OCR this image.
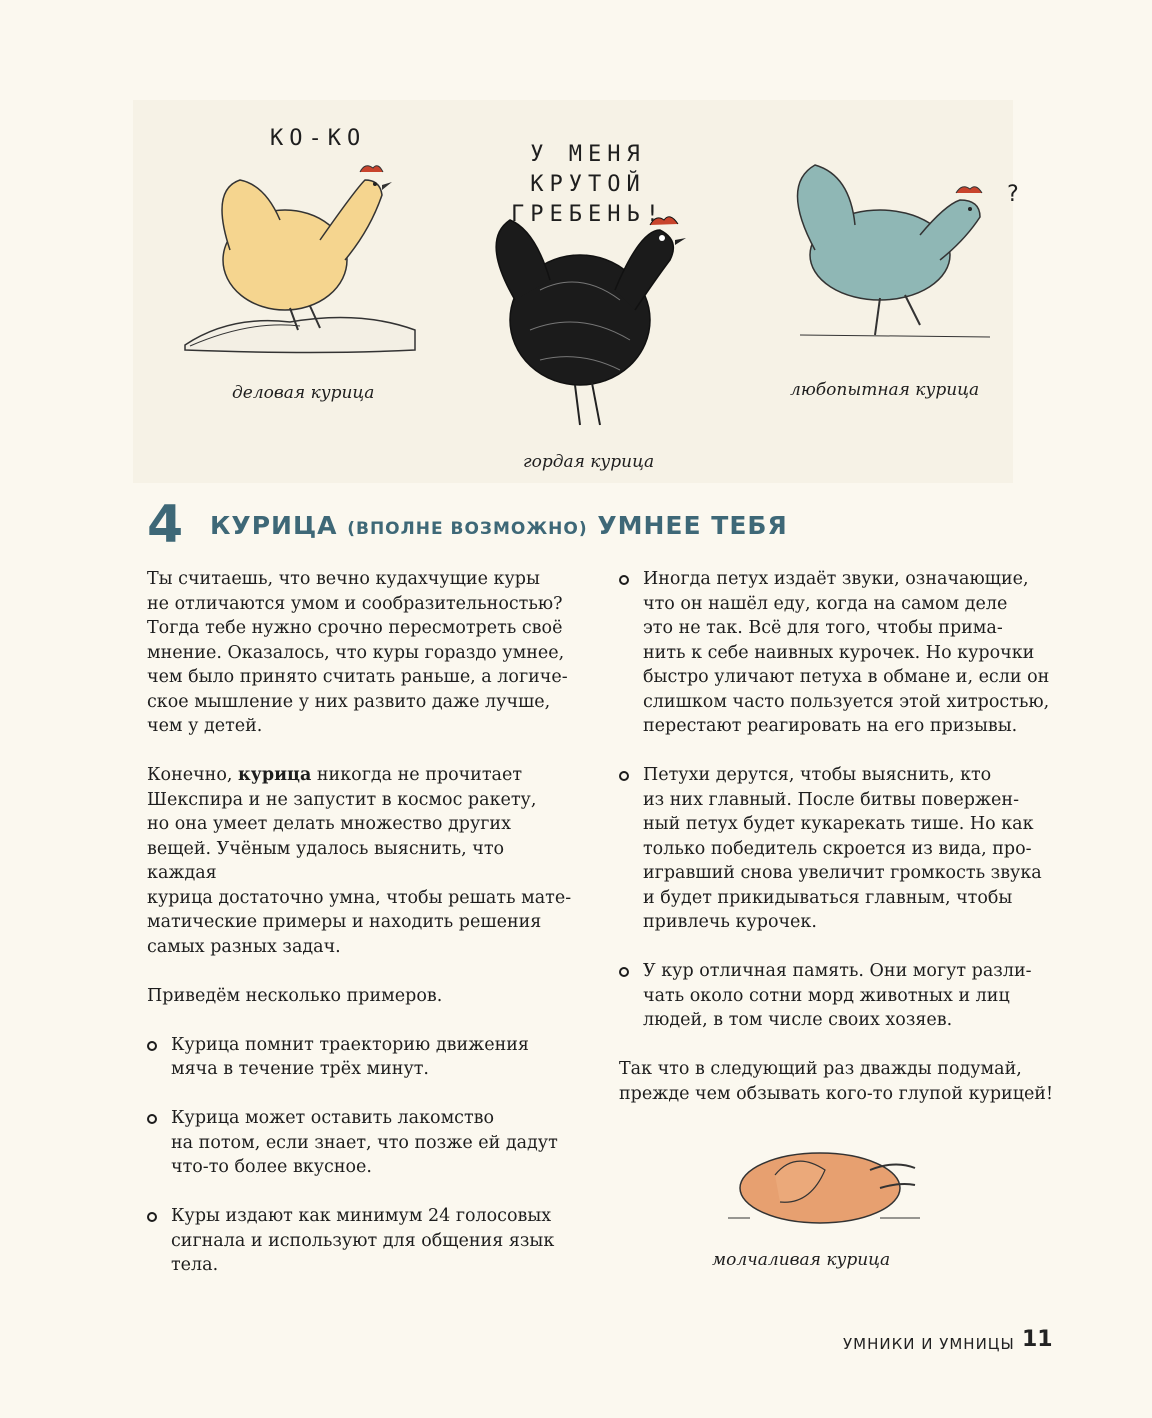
КО-КО
У МЕНЯ КРУТОЙ ГРЕБЕНЬ!
?
деловая курица
гордая курица
любопытная курица
молчаливая курица
4 КУРИЦА (ВПОЛНЕ ВОЗМОЖНО) УМНЕЕ ТЕБЯ

Ты считаешь, что вечно кудахчущие куры
не отличаются умом и сообразительностью?
Тогда тебе нужно срочно пересмотреть своё
мнение. Оказалось, что куры гораздо умнее,
чем было принято считать раньше, а логиче-
ское мышление у них развито даже лучше,
чем у детей.

Конечно, курица никогда не прочитает
Шекспира и не запустит в космос ракету,
но она умеет делать множество других
вещей. Учёным удалось выяснить, что каждая
курица достаточно умна, чтобы решать мате-
матические примеры и находить решения
самых разных задач.

Приведём несколько примеров.

Курица помнит траекторию движения
мяча в течение трёх минут.
Курица может оставить лакомство
на потом, если знает, что позже ей дадут
что-то более вкусное.
Куры издают как минимум 24 голосовых
сигнала и используют для общения язык
тела.
Иногда петух издаёт звуки, означающие,
что он нашёл еду, когда на самом деле
это не так. Всё для того, чтобы прима-
нить к себе наивных курочек. Но курочки
быстро уличают петуха в обмане и, если он
слишком часто пользуется этой хитростью,
перестают реагировать на его призывы.
Петухи дерутся, чтобы выяснить, кто
из них главный. После битвы повержен-
ный петух будет кукарекать тише. Но как
только победитель скроется из вида, про-
игравший снова увеличит громкость звука
и будет прикидываться главным, чтобы
привлечь курочек.
У кур отличная память. Они могут разли-
чать около сотни морд животных и лиц
людей, в том числе своих хозяев.

Так что в следующий раз дважды подумай,
прежде чем обзывать кого-то глупой курицей!

УМНИКИ И УМНИЦЫ 11
